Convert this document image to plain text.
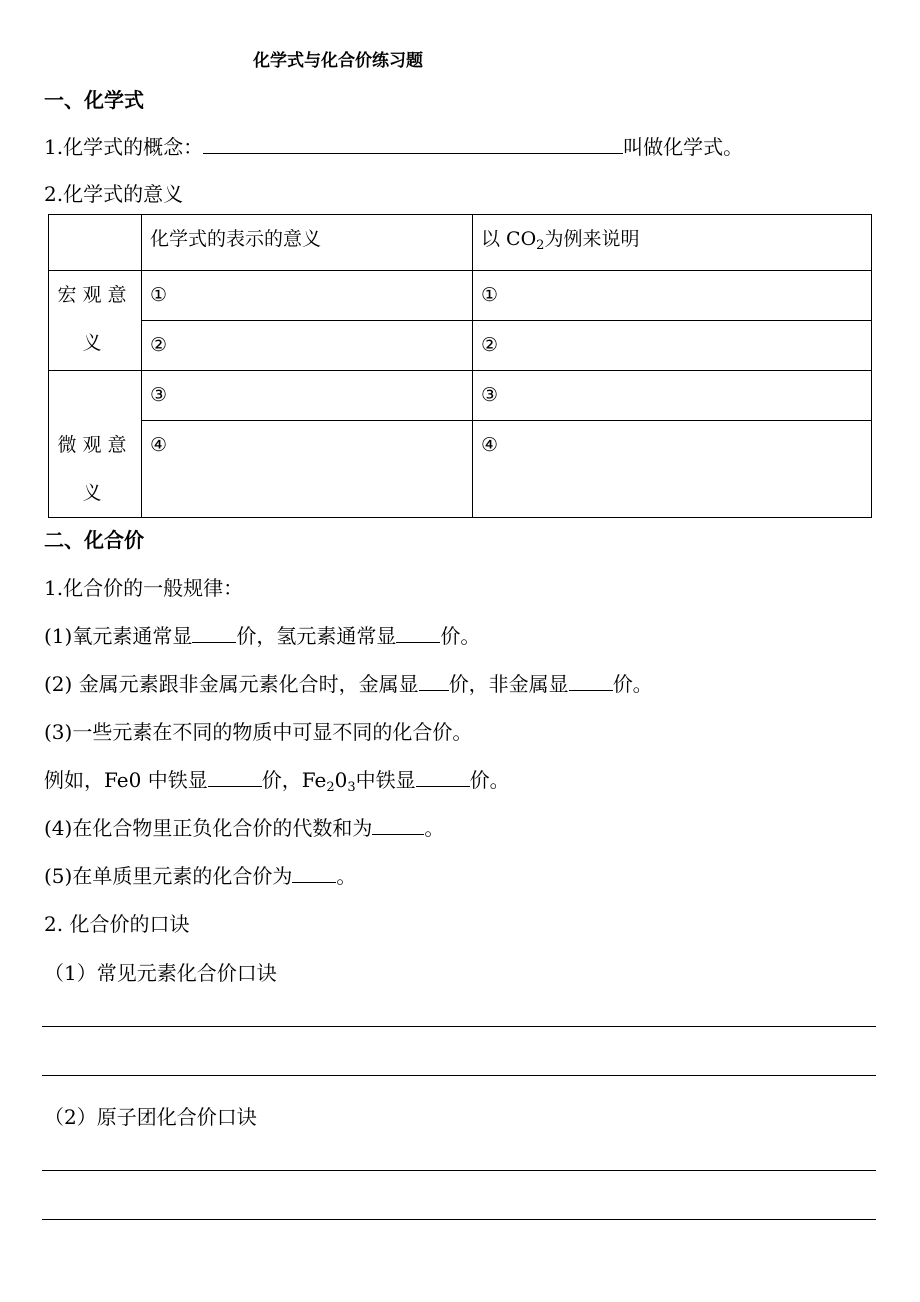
化学式与化合价练习题
一、化学式
1.化学式的概念：	叫做化学式。
2.化学式的意义
	化学式的表示的意义	以 $CO_2$为例来说明
宏观意义	①	①
	②	②
微观意义	③	③
	④	④
二、化合价
1.化合价的一般规律：
(1)氧元素通常显 价，氢元素通常显 价。
(2) 金属元素跟非金属元素化合时，金属显 价，非金属显 价。
(3)一些元素在不同的物质中可显不同的化合价。
例如，Fe0 中铁显	价，$Fe_20_3$中铁显	价。
(4)在化合物里正负化合价的代数和为	。
(5)在单质里元素的化合价为 。
2. 化合价的口诀
（1）常见元素化合价口诀
（2）原子团化合价口诀
